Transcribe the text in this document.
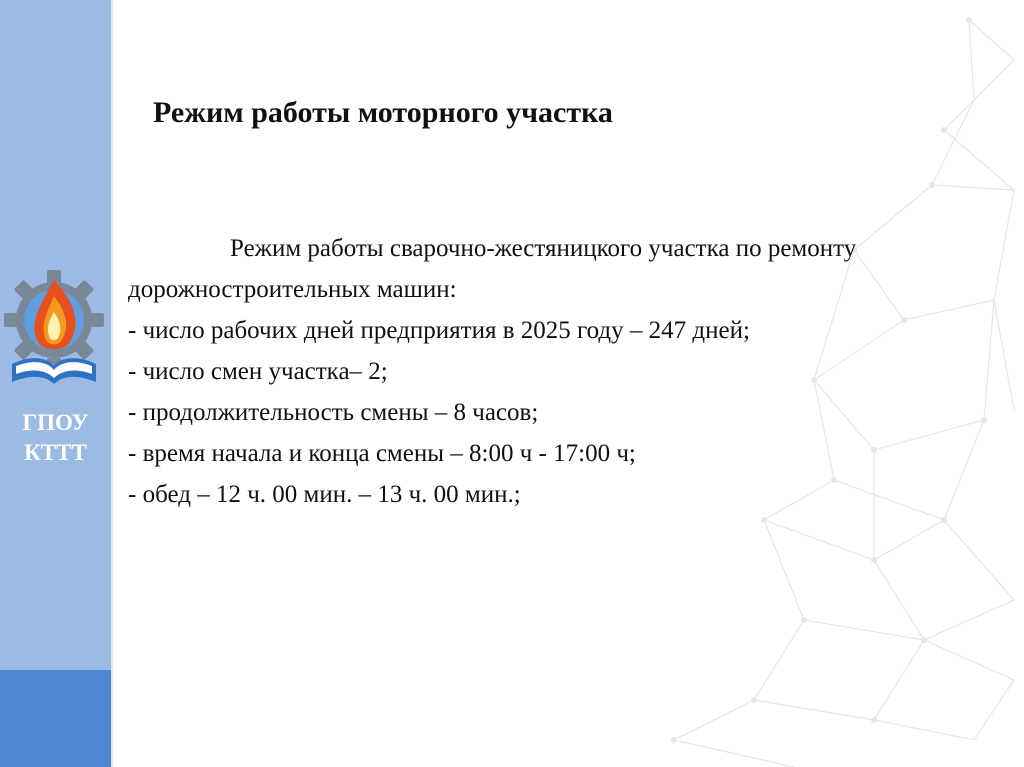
ГПОУ
КТТТ
Режим работы моторного участка
Режим работы сварочно-жестяницкого участка по ремонту дорожностроительных машин:
- число рабочих дней предприятия в 2025 году – 247 дней;
- число смен участка– 2;
- продолжительность смены – 8 часов;
- время начала и конца смены – 8:00 ч - 17:00 ч;
- обед – 12 ч. 00 мин. – 13 ч. 00 мин.;
